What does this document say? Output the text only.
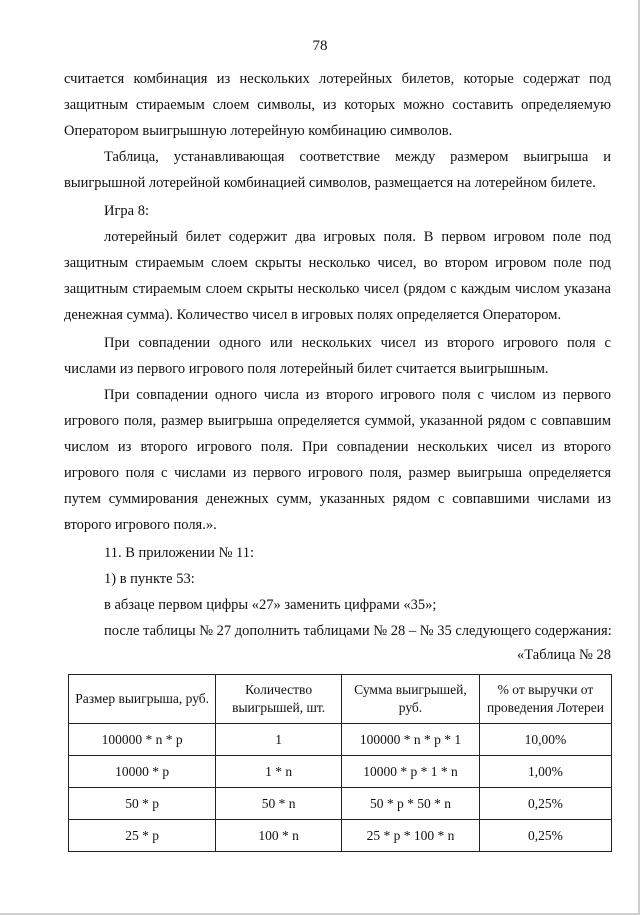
78

считается комбинация из нескольких лотерейных билетов, которые содержат под защитным стираемым слоем символы, из которых можно составить определяемую Оператором выигрышную лотерейную комбинацию символов.

Таблица, устанавливающая соответствие между размером выигрыша и выигрышной лотерейной комбинацией символов, размещается на лотерейном билете.

Игра 8:

лотерейный билет содержит два игровых поля. В первом игровом поле под защитным стираемым слоем скрыты несколько чисел, во втором игровом поле под защитным стираемым слоем скрыты несколько чисел (рядом с каждым числом указана денежная сумма). Количество чисел в игровых полях определяется Оператором.

При совпадении одного или нескольких чисел из второго игрового поля с числами из первого игрового поля лотерейный билет считается выигрышным.

При совпадении одного числа из второго игрового поля с числом из первого игрового поля, размер выигрыша определяется суммой, указанной рядом с совпавшим числом из второго игрового поля. При совпадении нескольких чисел из второго игрового поля с числами из первого игрового поля, размер выигрыша определяется путем суммирования денежных сумм, указанных рядом с совпавшими числами из второго игрового поля.».

11. В приложении № 11:

1) в пункте 53:

в абзаце первом цифры «27» заменить цифрами «35»;

после таблицы № 27 дополнить таблицами № 28 – № 35 следующего содержания:

«Таблица № 28

Размер выигрыша, руб.	Количество выигрышей, шт.	Сумма выигрышей, руб.	% от выручки от проведения Лотереи
100000 * n * p	1	100000 * n * p * 1	10,00%
10000 * p	1 * n	10000 * p * 1 * n	1,00%
50 * p	50 * n	50 * p * 50 * n	0,25%
25 * p	100 * n	25 * p * 100 * n	0,25%
